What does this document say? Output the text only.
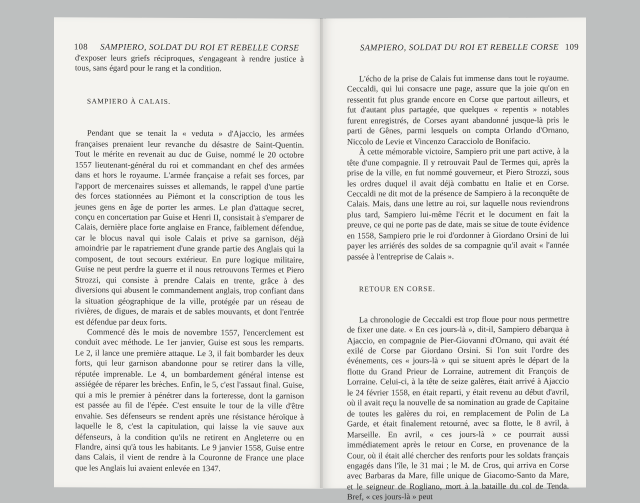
108 SAMPIERO, SOLDAT DU ROI ET REBELLE CORSE

d'exposer leurs griefs réciproques, s'engageant à rendre justice à tous, sans égard pour le rang et la condition.

SAMPIERO À CALAIS.

Pendant que se tenait la « veduta » d'Ajaccio, les armées françaises prenaient leur revanche du désastre de Saint-Quentin. Tout le mérite en revenait au duc de Guise, nommé le 20 octobre 1557 lieutenant-général du roi et commandant en chef des armées dans et hors le royaume. L'armée française a refait ses forces, par l'apport de mercenaires suisses et allemands, le rappel d'une partie des forces stationnées au Piémont et la conscription de tous les jeunes gens en âge de porter les armes. Le plan d'attaque secret, conçu en concertation par Guise et Henri II, consistait à s'emparer de Calais, dernière place forte anglaise en France, faiblement défendue, car le blocus naval qui isole Calais et prive sa garnison, déjà amoindrie par le rapatriement d'une grande partie des Anglais qui la composent, de tout secours extérieur. En pure logique militaire, Guise ne peut perdre la guerre et il nous retrouvons Termes et Piero Strozzi, qui consiste à prendre Calais en trente, grâce à des diversions qui abusent le commandement anglais, trop confiant dans la situation géographique de la ville, protégée par un réseau de rivières, de digues, de marais et de sables mouvants, et dont l'entrée est défendue par deux forts.

Commencé dès le mois de novembre 1557, l'encerclement est conduit avec méthode. Le 1er janvier, Guise est sous les remparts. Le 2, il lance une première attaque. Le 3, il fait bombarder les deux forts, qui leur garnison abandonne pour se retirer dans la ville, réputée imprenable. Le 4, un bombardement général intense est assiégée de réparer les brèches. Enfin, le 5, c'est l'assaut final. Guise, qui a mis le premier à pénétrer dans la forteresse, dont la garnison est passée au fil de l'épée. C'est ensuite le tour de la ville d'être envahie. Ses défenseurs se rendent après une résistance héroïque à laquelle le 8, c'est la capitulation, qui laisse la vie sauve aux défenseurs, à la condition qu'ils ne retirent en Angleterre ou en Flandre, ainsi qu'à tous les habitants. Le 9 janvier 1558, Guise entre dans Calais, il vient de rendre à la Couronne de France une place que les Anglais lui avaient enlevée en 1347.

SAMPIERO, SOLDAT DU ROI ET REBELLE CORSE 109

L'écho de la prise de Calais fut immense dans tout le royaume. Ceccaldi, qui lui consacre une page, assure que la joie qu'on en ressentit fut plus grande encore en Corse que partout ailleurs, et fut d'autant plus partagée, que quelques « repentis » notables furent enregistrés, de Corses ayant abandonné jusque-là pris le parti de Gênes, parmi lesquels on compta Orlando d'Ornano, Niccolo de Levie et Vincenzo Caracciolo de Bonifacio.

À cette mémorable victoire, Sampiero prit une part active, à la tête d'une compagnie. Il y retrouvait Paul de Termes qui, après la prise de la ville, en fut nommé gouverneur, et Piero Strozzi, sous les ordres duquel il avait déjà combattu en Italie et en Corse. Ceccaldi ne dit mot de la présence de Sampiero à la reconquête de Calais. Mais, dans une lettre au roi, sur laquelle nous reviendrons plus tard, Sampiero lui-même l'écrit et le document en fait la preuve, ce qui ne porte pas de date, mais se situe de toute évidence en 1558, Sampiero prie le roi d'ordonner à Giordano Orsini de lui payer les arriérés des soldes de sa compagnie qu'il avait « l'année passée à l'entreprise de Calais ».

RETOUR EN CORSE.

La chronologie de Ceccaldi est trop floue pour nous permettre de fixer une date. « En ces jours-là », dit-il, Sampiero débarqua à Ajaccio, en compagnie de Pier-Giovanni d'Ornano, qui avait été exilé de Corse par Giordano Orsini. Si l'on suit l'ordre des événements, ces « jours-là » qui se situent après le départ de la flotte du Grand Prieur de Lorraine, autrement dit François de Lorraine. Celui-ci, à la tête de seize galères, était arrivé à Ajaccio le 24 février 1558, en était reparti, y était revenu au début d'avril, où il avait reçu la nouvelle de sa nomination au grade de Capitaine de toutes les galères du roi, en remplacement de Polin de La Garde, et était finalement retourné, avec sa flotte, le 8 avril, à Marseille. En avril, « ces jours-là » ce pourrait aussi immédiatement après le retour en Corse, en provenance de la Cour, où il était allé chercher des renforts pour les soldats français engagés dans l'île, le 31 mai ; le M. de Cros, qui arriva en Corse avec Barbaras da Mare, fille unique de Giacomo-Santo da Mare, et le seigneur de Rogliano, mort à la bataille du col de Tenda. Bref, « ces jours-là » peut
